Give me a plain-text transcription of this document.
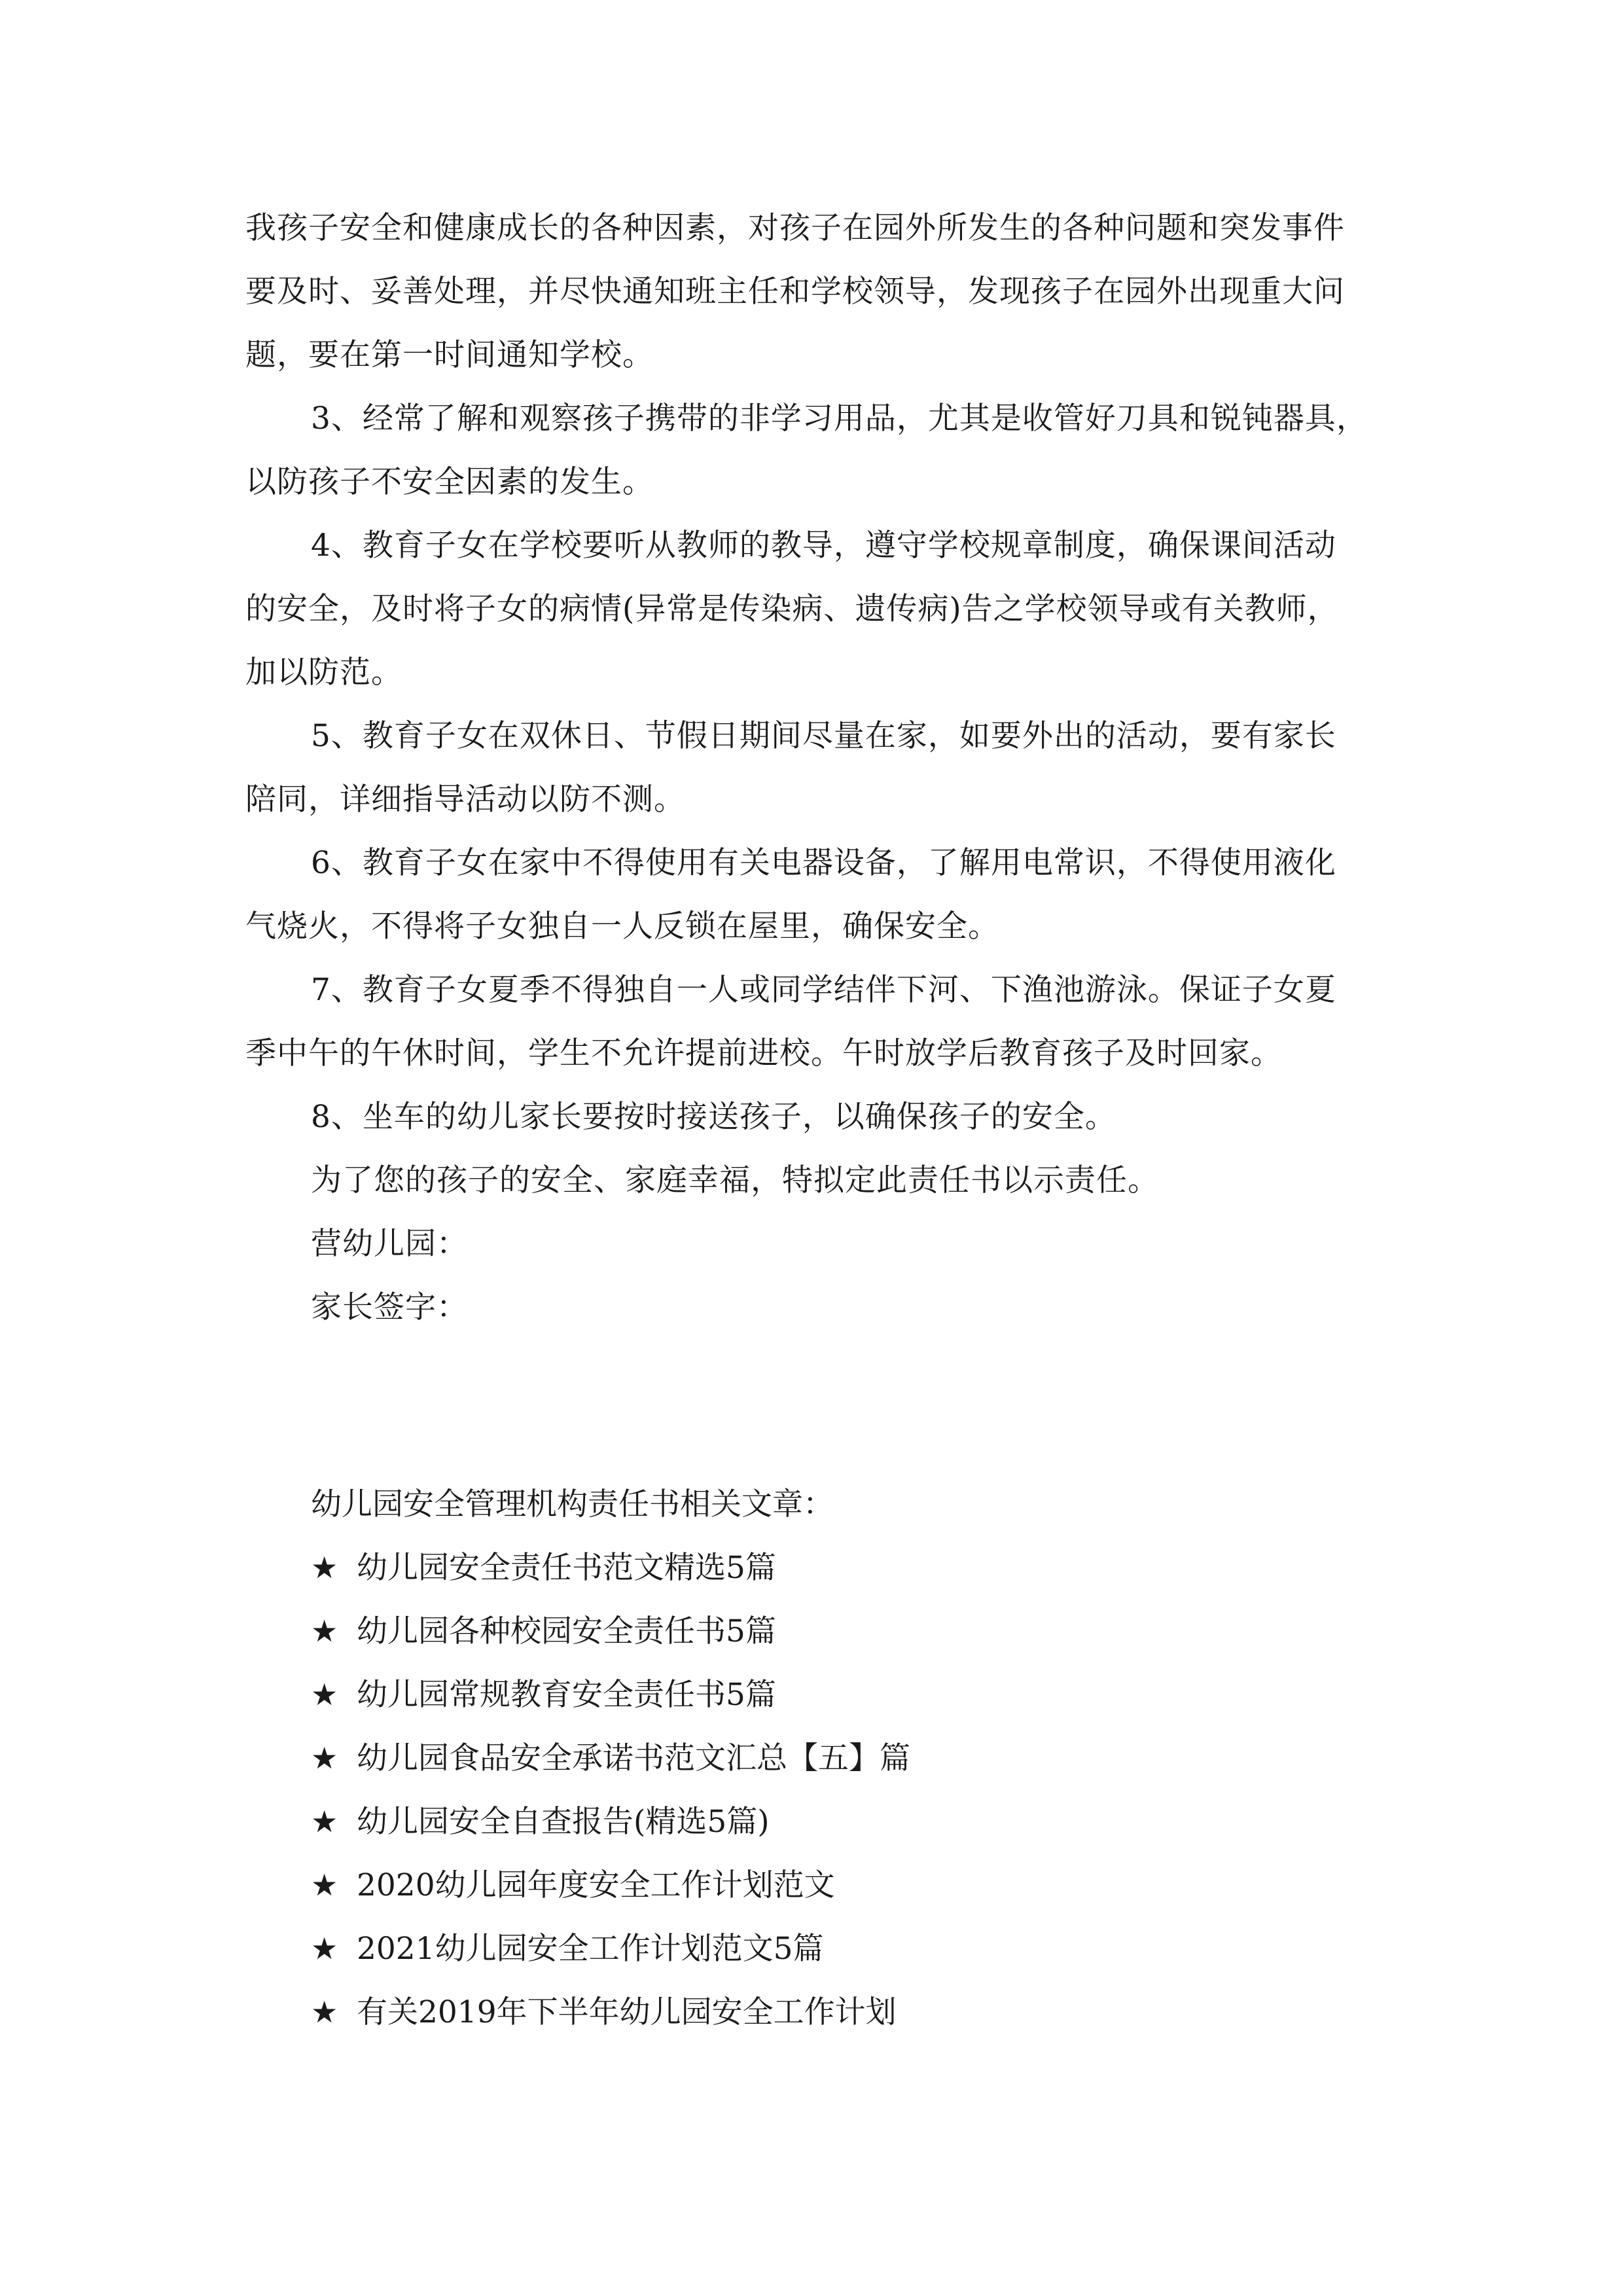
我孩子安全和健康成长的各种因素，对孩子在园外所发生的各种问题和突发事件
要及时、妥善处理，并尽快通知班主任和学校领导，发现孩子在园外出现重大问
题，要在第一时间通知学校。
3、经常了解和观察孩子携带的非学习用品，尤其是收管好刀具和锐钝器具，
以防孩子不安全因素的发生。
4、教育子女在学校要听从教师的教导，遵守学校规章制度，确保课间活动
的安全，及时将子女的病情(异常是传染病、遗传病)告之学校领导或有关教师，
加以防范。
5、教育子女在双休日、节假日期间尽量在家，如要外出的活动，要有家长
陪同，详细指导活动以防不测。
6、教育子女在家中不得使用有关电器设备，了解用电常识，不得使用液化
气烧火，不得将子女独自一人反锁在屋里，确保安全。
7、教育子女夏季不得独自一人或同学结伴下河、下渔池游泳。保证子女夏
季中午的午休时间，学生不允许提前进校。午时放学后教育孩子及时回家。
8、坐车的幼儿家长要按时接送孩子，以确保孩子的安全。
为了您的孩子的安全、家庭幸福，特拟定此责任书以示责任。
营幼儿园：
家长签字：
幼儿园安全管理机构责任书相关文章：
★ 幼儿园安全责任书范文精选5篇
★ 幼儿园各种校园安全责任书5篇
★ 幼儿园常规教育安全责任书5篇
★ 幼儿园食品安全承诺书范文汇总【五】篇
★ 幼儿园安全自查报告(精选5篇)
★ 2020幼儿园年度安全工作计划范文
★ 2021幼儿园安全工作计划范文5篇
★ 有关2019年下半年幼儿园安全工作计划
